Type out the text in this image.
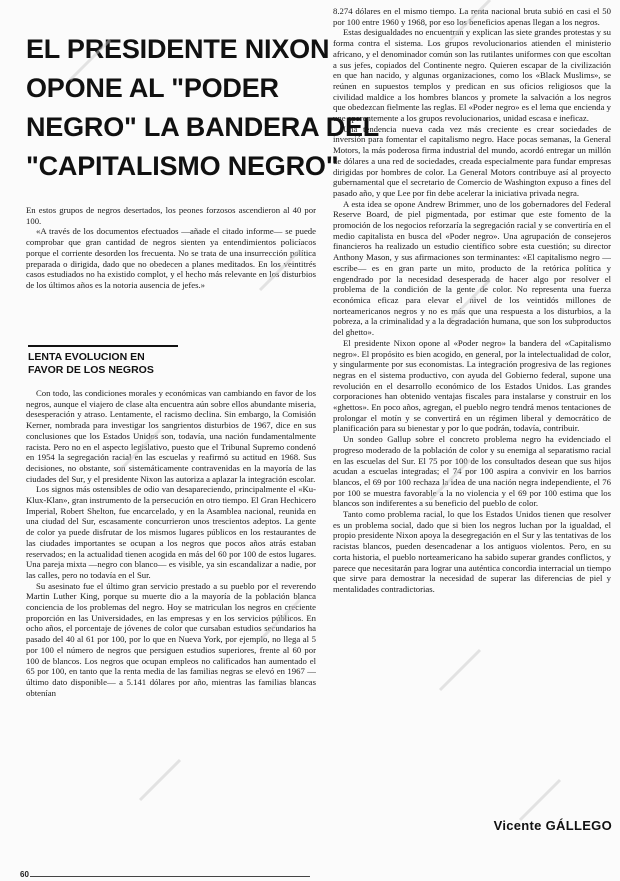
EL PRESIDENTE NIXON
OPONE AL "PODER
NEGRO" LA BANDERA DEL
"CAPITALISMO NEGRO"

En estos grupos de negros desertados, los peones forzosos ascendieron al 40 por 100.

«A través de los documentos efectuados —añade el citado informe— se puede comprobar que gran cantidad de negros sienten ya entendimientos policíacos porque el corriente desorden los frecuenta. No se trata de una insurrección política preparada o dirigida, dado que no obedecen a planes meditados. En los veintitrés casos estudiados no ha existido complot, y el hecho más relevante en los disturbios de los últimos años es la notoria ausencia de jefes.»

LENTA EVOLUCION EN
FAVOR DE LOS NEGROS

Con todo, las condiciones morales y económicas van cambiando en favor de los negros, aunque el viajero de clase alta encuentra aún sobre ellos abundante miseria, desesperación y atraso. Lentamente, el racismo declina. Sin embargo, la Comisión Kerner, nombrada para investigar los sangrientos disturbios de 1967, dice en sus conclusiones que los Estados Unidos son, todavía, una nación fundamentalmente racista. Pero no en el aspecto legislativo, puesto que el Tribunal Supremo condenó en 1954 la segregación racial en las escuelas y reafirmó su actitud en 1968. Sus decisiones, no obstante, son sistemáticamente contravenidas en la mayoría de las ciudades del Sur, y el presidente Nixon las autoriza a aplazar la integración escolar.

Los signos más ostensibles de odio van desapareciendo, principalmente el «Ku-Klux-Klan», gran instrumento de la persecución en otro tiempo. El Gran Hechicero Imperial, Robert Shelton, fue encarcelado, y en la Asamblea nacional, reunida en una ciudad del Sur, escasamente concurrieron unos trescientos adeptos. La gente de color ya puede disfrutar de los mismos lugares públicos en los restaurantes de las ciudades importantes se ocupan a los negros que pocos años atrás estaban reservados; en la actualidad tienen acogida en más del 60 por 100 de estos lugares. Una pareja mixta —negro con blanco— es visible, ya sin escandalizar a nadie, por las calles, pero no todavía en el Sur.

Su asesinato fue el último gran servicio prestado a su pueblo por el reverendo Martin Luther King, porque su muerte dio a la mayoría de la población blanca conciencia de los problemas del negro. Hoy se matriculan los negros en creciente proporción en las Universidades, en las empresas y en los servicios públicos. En ocho años, el porcentaje de jóvenes de color que cursaban estudios secundarios ha pasado del 40 al 61 por 100, por lo que en Nueva York, por ejemplo, no llega al 5 por 100 el número de negros que persiguen estudios superiores, frente al 60 por 100 de blancos. Los negros que ocupan empleos no calificados han aumentado el 65 por 100, en tanto que la renta media de las familias negras se elevó en 1967 —último dato disponible— a 5.141 dólares por año, mientras las familias blancas obtenían

8.274 dólares en el mismo tiempo. La renta nacional bruta subió en casi el 50 por 100 entre 1960 y 1968, por eso los beneficios apenas llegan a los negros.

Estas desigualdades no encuentran y explican las siete grandes protestas y su forma contra el sistema. Los grupos revolucionarios atienden el ministerio africano, y el denominador común son las rutilantes uniformes con que escoltan a sus jefes, copiados del Continente negro. Quieren escapar de la civilización en que han nacido, y algunas organizaciones, como los «Black Muslims», se reúnen en supuestos templos y predican en sus oficios religiosos que la civilidad maldice a los hombres blancos y promete la salvación a los negros que obedezcan fielmente las reglas. El «Poder negro» es el lema que encienda y une aparentemente a los grupos revolucionarios, unidad escasa e ineficaz.

Una tendencia nueva cada vez más creciente es crear sociedades de inversión para fomentar el capitalismo negro. Hace pocas semanas, la General Motors, la más poderosa firma industrial del mundo, acordó entregar un millón de dólares a una red de sociedades, creada especialmente para fundar empresas dirigidas por hombres de color. La General Motors contribuye así al proyecto gubernamental que el secretario de Comercio de Washington expuso a fines del pasado año, y que Lee por fin debe acelerar la iniciativa privada negra.

A esta idea se opone Andrew Brimmer, uno de los gobernadores del Federal Reserve Board, de piel pigmentada, por estimar que este fomento de la promoción de los negocios reforzaría la segregación racial y se convertiría en el medio capitalista en busca del «Poder negro». Una agrupación de consejeros financieros ha realizado un estudio científico sobre esta cuestión; su director Anthony Mason, y sus afirmaciones son terminantes: «El capitalismo negro —escribe— es en gran parte un mito, producto de la retórica política y engendrado por la necesidad desesperada de hacer algo por resolver el problema de la condición de la gente de color. No representa una fuerza económica eficaz para elevar el nivel de los veintidós millones de norteamericanos negros y no es más que una respuesta a los disturbios, a la pobreza, a la criminalidad y a la degradación humana, que son los subproductos del ghetto».

El presidente Nixon opone al «Poder negro» la bandera del «Capitalismo negro». El propósito es bien acogido, en general, por la intelectualidad de color, y singularmente por sus economistas. La integración progresiva de las regiones negras en el sistema productivo, con ayuda del Gobierno federal, supone una revolución en el desarrollo económico de los Estados Unidos. Las grandes corporaciones han obtenido ventajas fiscales para instalarse y construir en los «ghettos». En poco años, agregan, el pueblo negro tendrá menos tentaciones de prolongar el motín y se convertirá en un régimen liberal y democrático de planificación para su bienestar y por lo que podrán, todavía, contribuir.

Un sondeo Gallup sobre el concreto problema negro ha evidenciado el progreso moderado de la población de color y su enemiga al separatismo racial en las escuelas del Sur. El 75 por 100 de los consultados desean que sus hijos acudan a escuelas integradas; el 74 por 100 aspira a convivir en los barrios blancos, el 69 por 100 rechaza la idea de una nación negra independiente, el 76 por 100 se muestra favorable a la no violencia y el 69 por 100 estima que los blancos son indiferentes a su beneficio del pueblo de color.

Tanto como problema racial, lo que los Estados Unidos tienen que resolver es un problema social, dado que si bien los negros luchan por la igualdad, el propio presidente Nixon apoya la desegregación en el Sur y las tentativas de los racistas blancos, pueden desencadenar a los antiguos violentos. Pero, en su corta historia, el pueblo norteamericano ha sabido superar grandes conflictos, y parece que necesitarán para lograr una auténtica concordia interracial un tiempo que sirve para demostrar la necesidad de superar las diferencias de piel y mentalidades contradictorias.

Vicente GÁLLEGO
60
